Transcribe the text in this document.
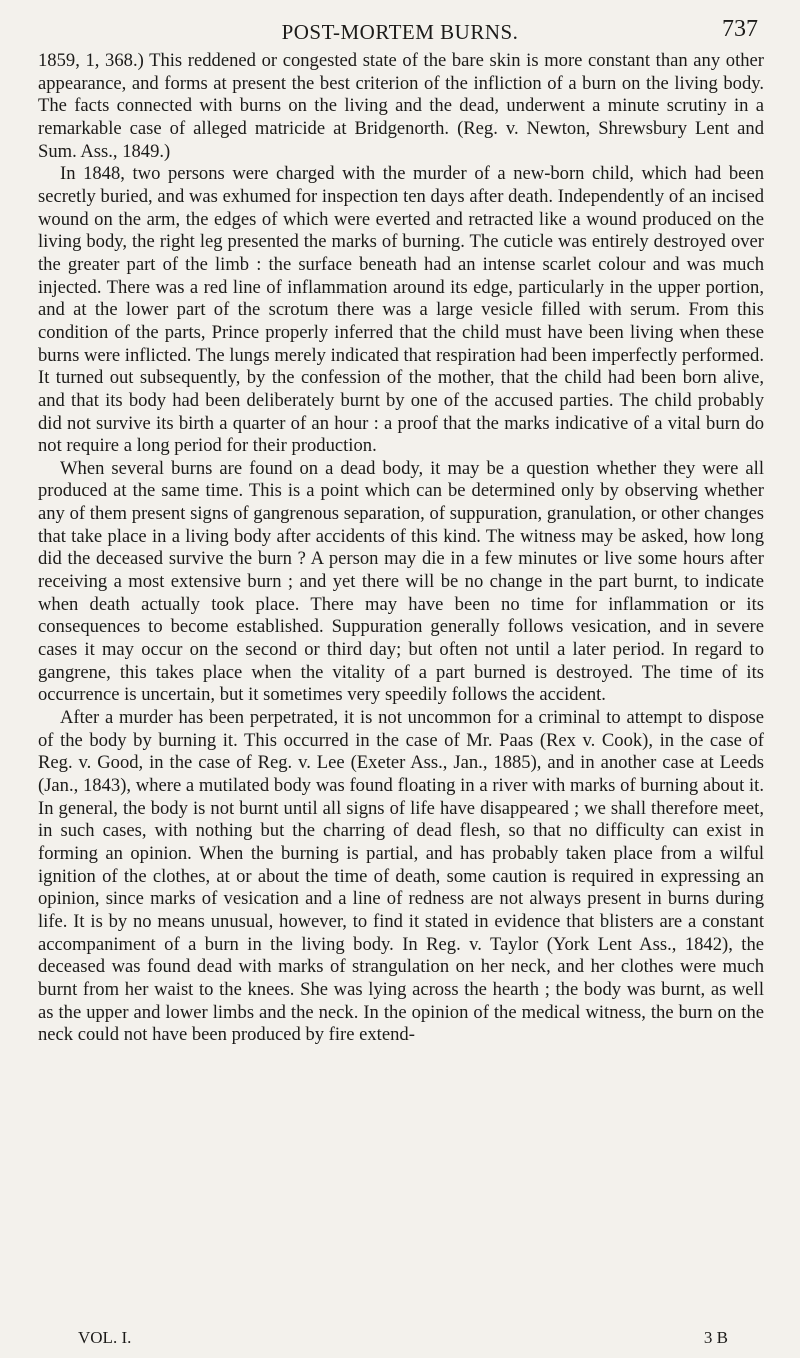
POST-MORTEM BURNS.	737

1859, 1, 368.) This reddened or congested state of the bare skin is more constant than any other appearance, and forms at present the best criterion of the infliction of a burn on the living body. The facts connected with burns on the living and the dead, underwent a minute scrutiny in a remarkable case of alleged matricide at Bridgenorth. (Reg. v. Newton, Shrewsbury Lent and Sum. Ass., 1849.)

In 1848, two persons were charged with the murder of a new-born child, which had been secretly buried, and was exhumed for inspection ten days after death. Independently of an incised wound on the arm, the edges of which were everted and retracted like a wound produced on the living body, the right leg presented the marks of burning. The cuticle was entirely destroyed over the greater part of the limb : the surface beneath had an intense scarlet colour and was much injected. There was a red line of inflammation around its edge, particularly in the upper portion, and at the lower part of the scrotum there was a large vesicle filled with serum. From this condition of the parts, Prince properly inferred that the child must have been living when these burns were inflicted. The lungs merely indicated that respiration had been imperfectly performed. It turned out subsequently, by the confession of the mother, that the child had been born alive, and that its body had been deliberately burnt by one of the accused parties. The child probably did not survive its birth a quarter of an hour : a proof that the marks indicative of a vital burn do not require a long period for their production.

When several burns are found on a dead body, it may be a question whether they were all produced at the same time. This is a point which can be determined only by observing whether any of them present signs of gangrenous separation, of suppuration, granulation, or other changes that take place in a living body after accidents of this kind. The witness may be asked, how long did the deceased survive the burn ? A person may die in a few minutes or live some hours after receiving a most extensive burn ; and yet there will be no change in the part burnt, to indicate when death actually took place. There may have been no time for inflammation or its consequences to become established. Suppuration generally follows vesication, and in severe cases it may occur on the second or third day; but often not until a later period. In regard to gangrene, this takes place when the vitality of a part burned is destroyed. The time of its occurrence is uncertain, but it sometimes very speedily follows the accident.

After a murder has been perpetrated, it is not uncommon for a criminal to attempt to dispose of the body by burning it. This occurred in the case of Mr. Paas (Rex v. Cook), in the case of Reg. v. Good, in the case of Reg. v. Lee (Exeter Ass., Jan., 1885), and in another case at Leeds (Jan., 1843), where a mutilated body was found floating in a river with marks of burning about it. In general, the body is not burnt until all signs of life have disappeared ; we shall therefore meet, in such cases, with nothing but the charring of dead flesh, so that no difficulty can exist in forming an opinion. When the burning is partial, and has probably taken place from a wilful ignition of the clothes, at or about the time of death, some caution is required in expressing an opinion, since marks of vesication and a line of redness are not always present in burns during life. It is by no means unusual, however, to find it stated in evidence that blisters are a constant accompaniment of a burn in the living body. In Reg. v. Taylor (York Lent Ass., 1842), the deceased was found dead with marks of strangulation on her neck, and her clothes were much burnt from her waist to the knees. She was lying across the hearth ; the body was burnt, as well as the upper and lower limbs and the neck. In the opinion of the medical witness, the burn on the neck could not have been produced by fire extend-

VOL. I.	3 B
